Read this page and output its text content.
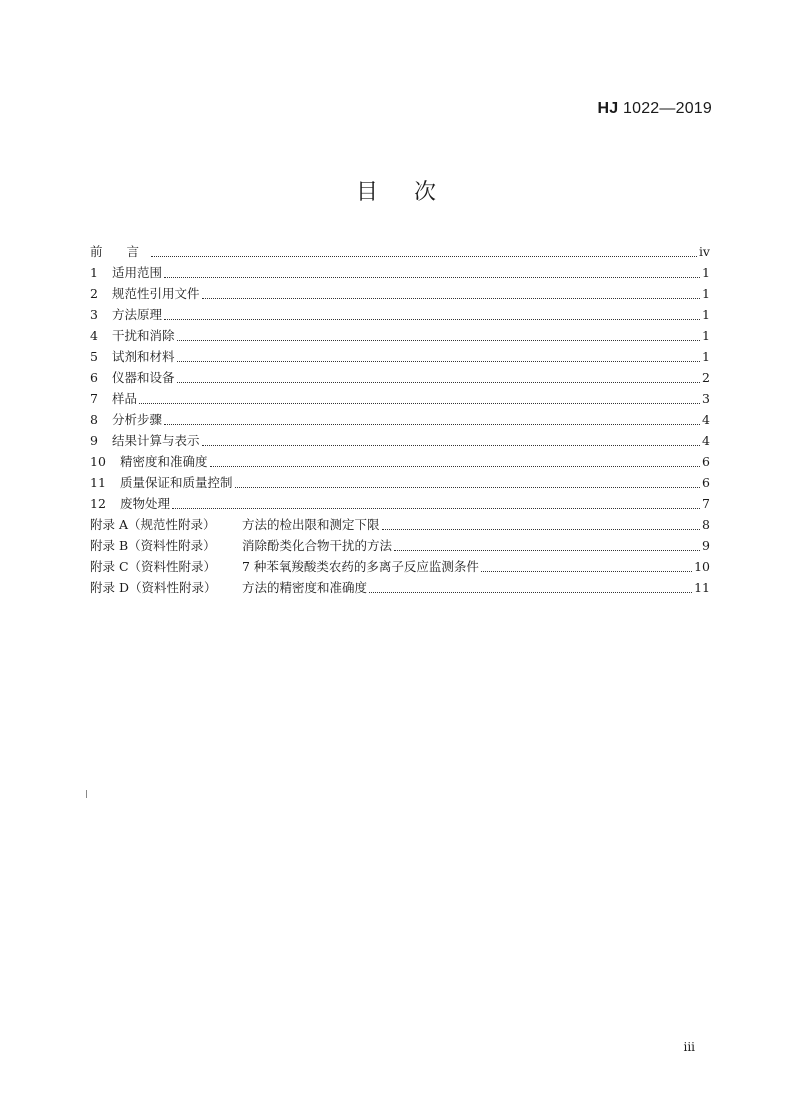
HJ 1022—2019
目次
前 言	iv
1	适用范围	1
2	规范性引用文件	1
3	方法原理	1
4	干扰和消除	1
5	试剂和材料	1
6	仪器和设备	2
7	样品	3
8	分析步骤	4
9	结果计算与表示	4
10	精密度和准确度	6
11	质量保证和质量控制	6
12	废物处理	7
附录 A（规范性附录）	方法的检出限和测定下限	8
附录 B（资料性附录）	消除酚类化合物干扰的方法	9
附录 C（资料性附录）	7 种苯氧羧酸类农药的多离子反应监测条件	10
附录 D（资料性附录）	方法的精密度和准确度	11
iii
